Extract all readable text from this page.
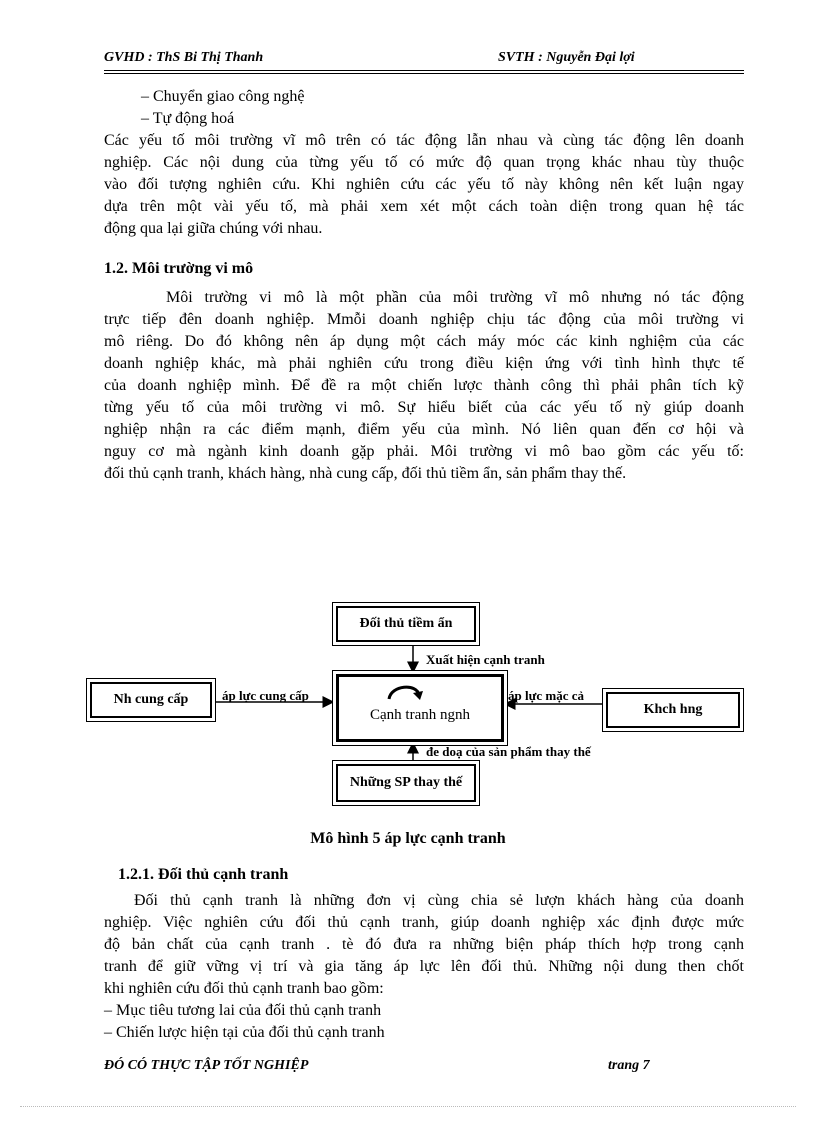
GVHD : ThS Bi Thị Thanh	SVTH : Nguyễn Đại lợi
– Chuyển giao công nghệ
– Tự động hoá
Các yếu tố môi trường vĩ mô trên có tác động lẫn nhau và cùng tác động lên doanh
nghiệp. Các nội dung của từng yếu tố có mức độ quan trọng khác nhau tùy thuộc
vào đối tượng nghiên cứu. Khi nghiên cứu các yếu tố này không nên kết luận ngay
dựa trên một vài yếu tố, mà phải xem xét một cách toàn diện trong quan hệ tác
động qua lại giữa chúng với nhau.
1.2. Môi trường vi mô
Môi trường vi mô là một phần của môi trường vĩ mô nhưng nó tác động
trực tiếp đên doanh nghiệp. Mmỗi doanh nghiệp chịu tác động của môi trường vi
mô riêng. Do đó không nên áp dụng một cách máy móc các kinh nghiệm của các
doanh nghiệp khác, mà phải nghiên cứu trong điều kiện ứng với tình hình thực tế
của doanh nghiệp mình. Để đề ra một chiến lược thành công thì phải phân tích kỹ
từng yếu tố của môi trường vi mô. Sự hiểu biết của các yếu tố nỳ giúp doanh
nghiệp nhận ra các điểm mạnh, điểm yếu của mình. Nó liên quan đến cơ hội và
nguy cơ mà ngành kinh doanh gặp phải. Môi trường vi mô bao gồm các yếu tố:
đối thủ cạnh tranh, khách hàng, nhà cung cấp, đối thủ tiềm ẩn, sản phẩm thay thế.
Đối thủ tiềm ẩn
Nh cung cấp
Cạnh tranh ngnh	Khch hng
Những SP thay thế
Xuất hiện cạnh tranh
áp lực cung cấp	áp lực mặc cả
đe doạ của sản phẩm thay thế
Mô hình 5 áp lực cạnh tranh
1.2.1. Đối thủ cạnh tranh
Đối thủ cạnh tranh là những đơn vị cùng chia sẻ lượn khách hàng của doanh
nghiệp. Việc nghiên cứu đối thủ cạnh tranh, giúp doanh nghiệp xác định được mức
độ bản chất của cạnh tranh . tè đó đưa ra những biện pháp thích hợp trong cạnh
tranh để giữ vững vị trí và gia tăng áp lực lên đối thủ. Những nội dung then chốt
khi nghiên cứu đối thủ cạnh tranh bao gồm:
– Mục tiêu tương lai của đối thủ cạnh tranh
– Chiến lược hiện tại của đối thủ cạnh tranh
ĐÓ CÓ THỰC TẬP TỐT NGHIỆP	trang 7
